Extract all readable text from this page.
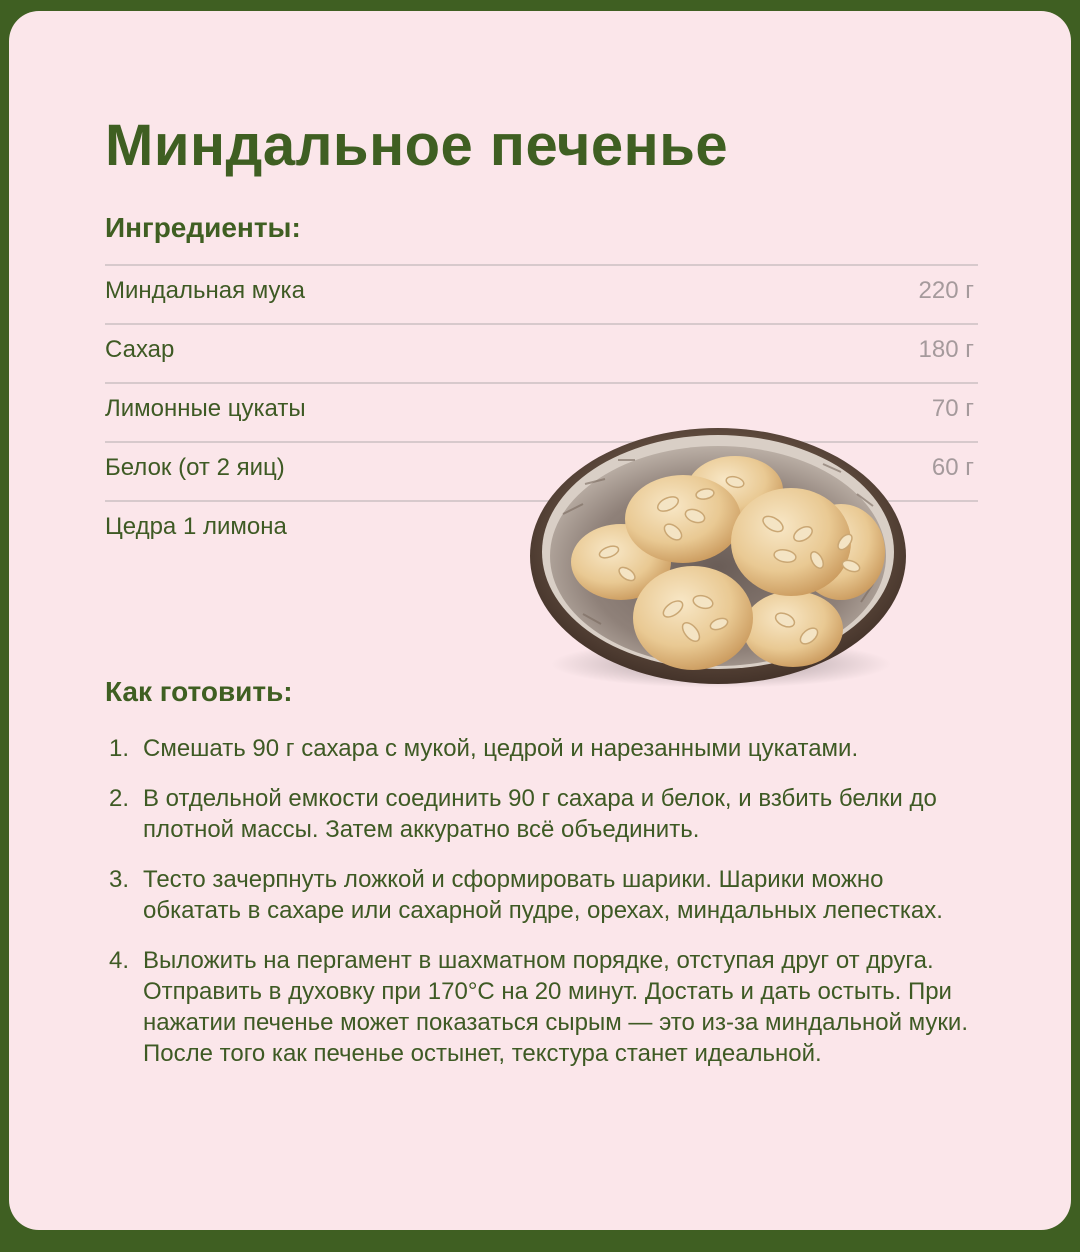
Миндальное печенье
Ингредиенты:
Миндальная мука	220 г
Сахар	180 г
Лимонные цукаты	70 г
Белок (от 2 яиц)	60 г
Цедра 1 лимона
Как готовить:
1. Смешать 90 г сахара с мукой, цедрой и нарезанными цукатами.
2. В отдельной емкости соединить 90 г сахара и белок, и взбить белки до плотной массы. Затем аккуратно всё объединить.
3. Тесто зачерпнуть ложкой и сформировать шарики. Шарики можно обкатать в сахаре или сахарной пудре, орехах, миндальных лепестках.
4. Выложить на пергамент в шахматном порядке, отступая друг от друга. Отправить в духовку при 170°C на 20 минут. Достать и дать остыть. При нажатии печенье может показаться сырым — это из-за миндальной муки. После того как печенье остынет, текстура станет идеальной.
